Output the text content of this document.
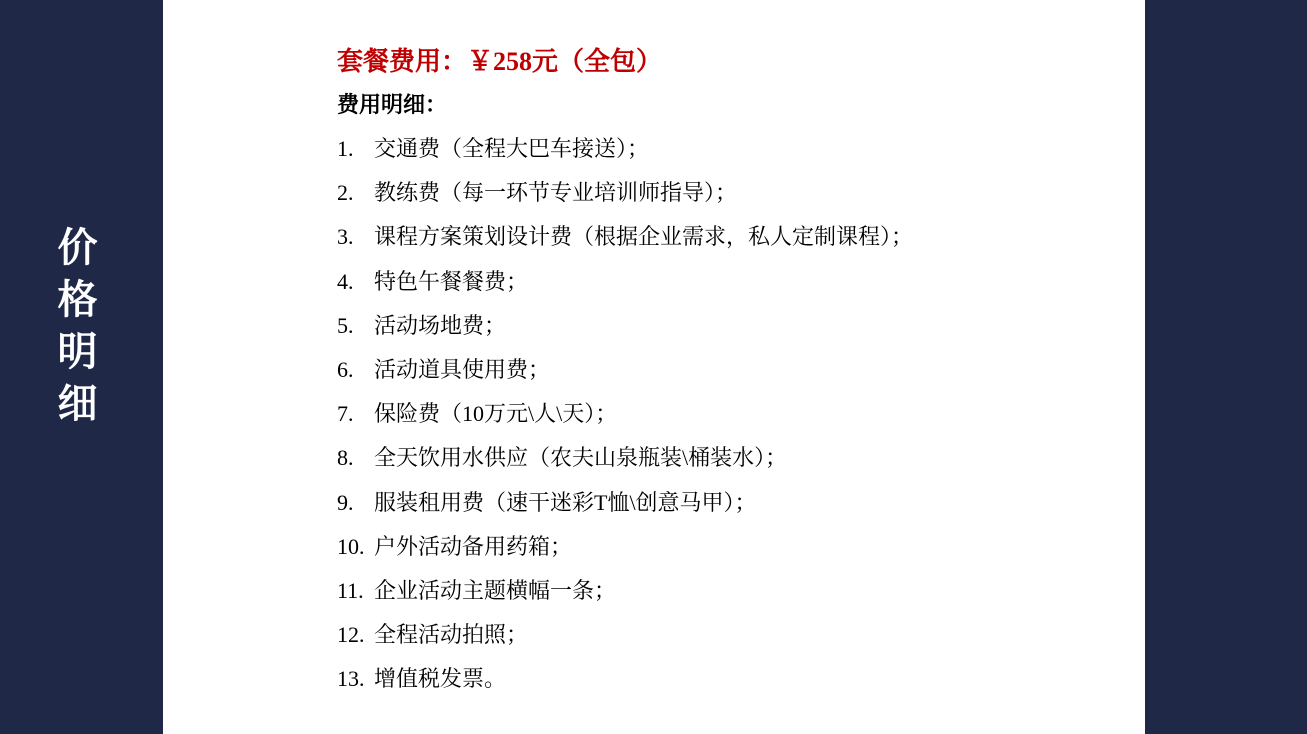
价
格
明
细
套餐费用：￥258元（全包）
费用明细：
1. 交通费（全程大巴车接送）；
2. 教练费（每一环节专业培训师指导）；
3. 课程方案策划设计费（根据企业需求，私人定制课程）；
4. 特色午餐餐费；
5. 活动场地费；
6. 活动道具使用费；
7. 保险费（10万元\人\天）；
8. 全天饮用水供应（农夫山泉瓶装\桶装水）；
9. 服装租用费（速干迷彩T恤\创意马甲）；
10. 户外活动备用药箱；
11. 企业活动主题横幅一条；
12. 全程活动拍照；
13. 增值税发票。
